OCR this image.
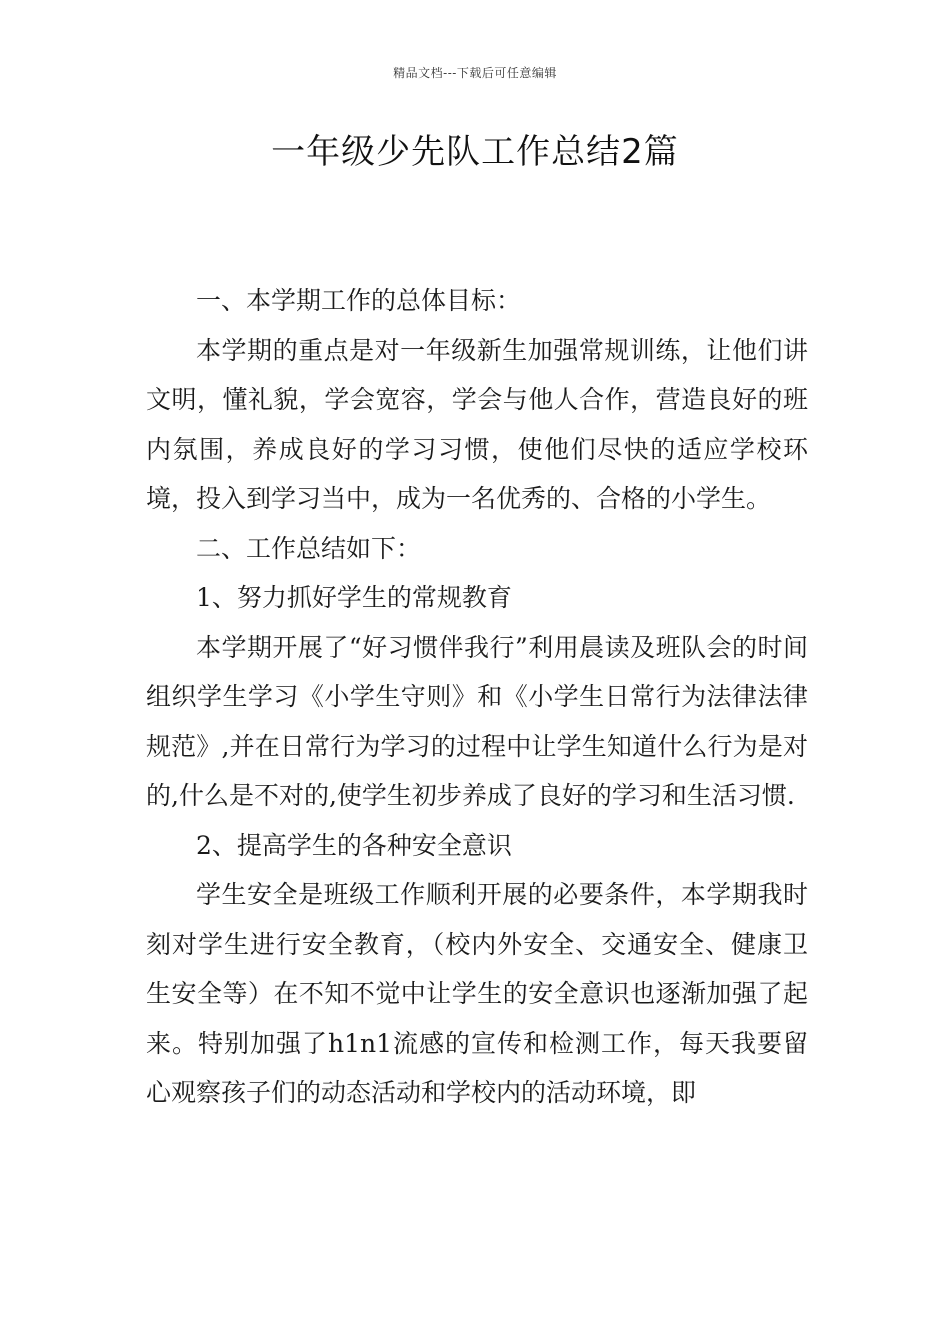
精品文档---下载后可任意编辑
一年级少先队工作总结2篇

一、本学期工作的总体目标：

本学期的重点是对一年级新生加强常规训练，让他们讲文明，懂礼貌，学会宽容，学会与他人合作，营造良好的班内氛围，养成良好的学习习惯，使他们尽快的适应学校环境，投入到学习当中，成为一名优秀的、合格的小学生。

二、工作总结如下：

1、努力抓好学生的常规教育

本学期开展了“好习惯伴我行”利用晨读及班队会的时间组织学生学习《小学生守则》和《小学生日常行为法律法律规范》,并在日常行为学习的过程中让学生知道什么行为是对的,什么是不对的,使学生初步养成了良好的学习和生活习惯.

2、提高学生的各种安全意识

学生安全是班级工作顺利开展的必要条件，本学期我时刻对学生进行安全教育，（校内外安全、交通安全、健康卫生安全等）在不知不觉中让学生的安全意识也逐渐加强了起来。特别加强了h1n1流感的宣传和检测工作，每天我要留心观察孩子们的动态活动和学校内的活动环境，即
